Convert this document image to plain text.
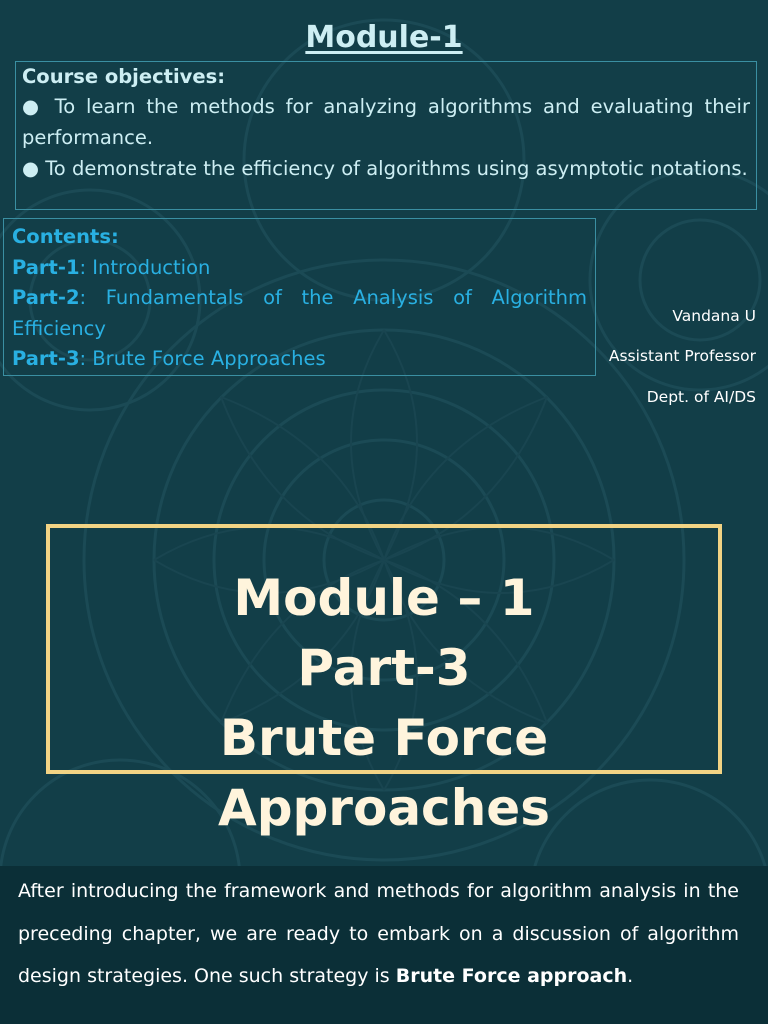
Module-1
Course objectives:
● To learn the methods for analyzing algorithms and evaluating their performance.
● To demonstrate the efficiency of algorithms using asymptotic notations.
Contents:
Part-1: Introduction
Part-2: Fundamentals of the Analysis of Algorithm Efficiency
Part-3: Brute Force Approaches
Vandana U
Assistant Professor
Dept. of AI/DS
Module – 1
Part-3
Brute Force Approaches
After introducing the framework and methods for algorithm analysis in the preceding chapter, we are ready to embark on a discussion of algorithm design strategies. One such strategy is Brute Force approach.
